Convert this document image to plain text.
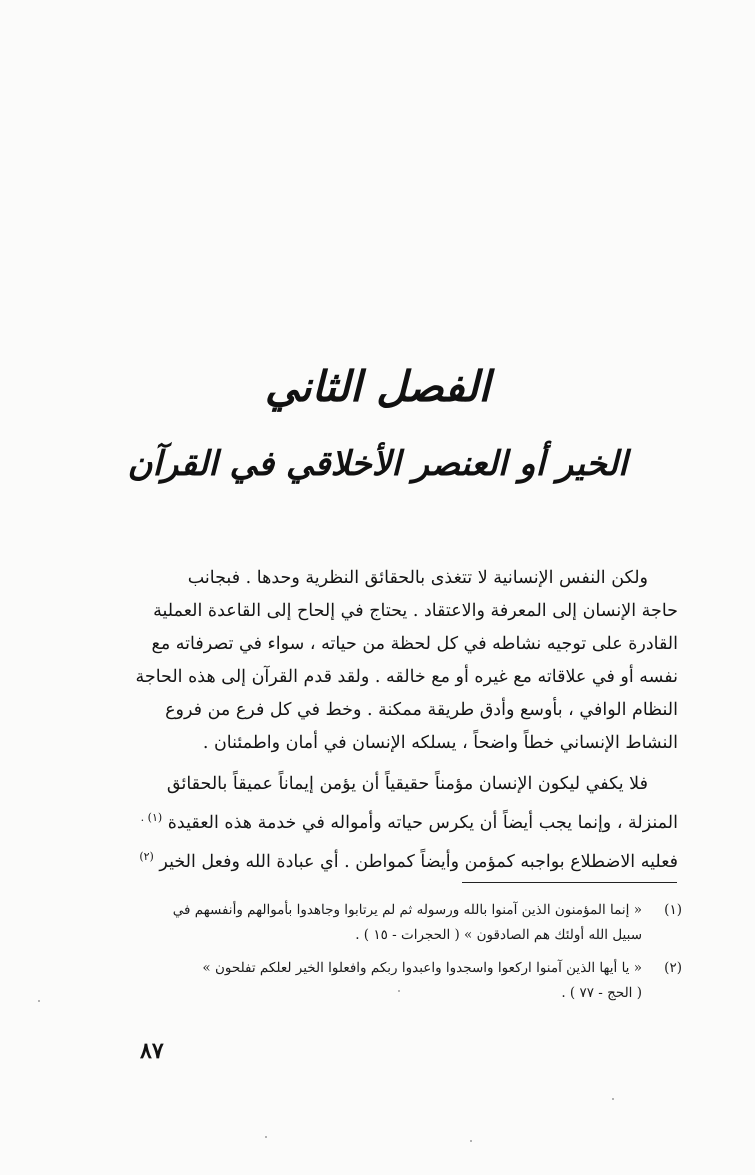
الفصل الثاني
الخير أو العنصر الأخلاقي في القرآن
ولكن النفس الإنسانية لا تتغذى بالحقائق النظرية وحدها . فبجانب
حاجة الإنسان إلى المعرفة والاعتقاد . يحتاج في إلحاح إلى القاعدة العملية
القادرة على توجيه نشاطه في كل لحظة من حياته ، سواء في تصرفاته مع
نفسه أو في علاقاته مع غيره أو مع خالقه . ولقد قدم القرآن إلى هذه الحاجة
النظام الوافي ، بأوسع وأدق طريقة ممكنة . وخط في كل فرع من فروع
النشاط الإنساني خطاً واضحاً ، يسلكه الإنسان في أمان واطمئنان .
فلا يكفي ليكون الإنسان مؤمناً حقيقياً أن يؤمن إيماناً عميقاً بالحقائق
المنزلة ، وإنما يجب أيضاً أن يكرس حياته وأمواله في خدمة هذه العقيدة $^{(١) .}$
فعليه الاضطلاع بواجبه كمؤمن وأيضاً كمواطن . أي عبادة الله وفعل الخير $^{(٢)}$
(١)
« إنما المؤمنون الذين آمنوا بالله ورسوله ثم لم يرتابوا وجاهدوا بأموالهم وأنفسهم في
سبيل الله أولئك هم الصادقون » ( الحجرات - ١٥ ) .
(٢)
« يا أيها الذين آمنوا اركعوا واسجدوا واعبدوا ربكم وافعلوا الخير لعلكم تفلحون »
( الحج - ٧٧ ) .
٨٧
